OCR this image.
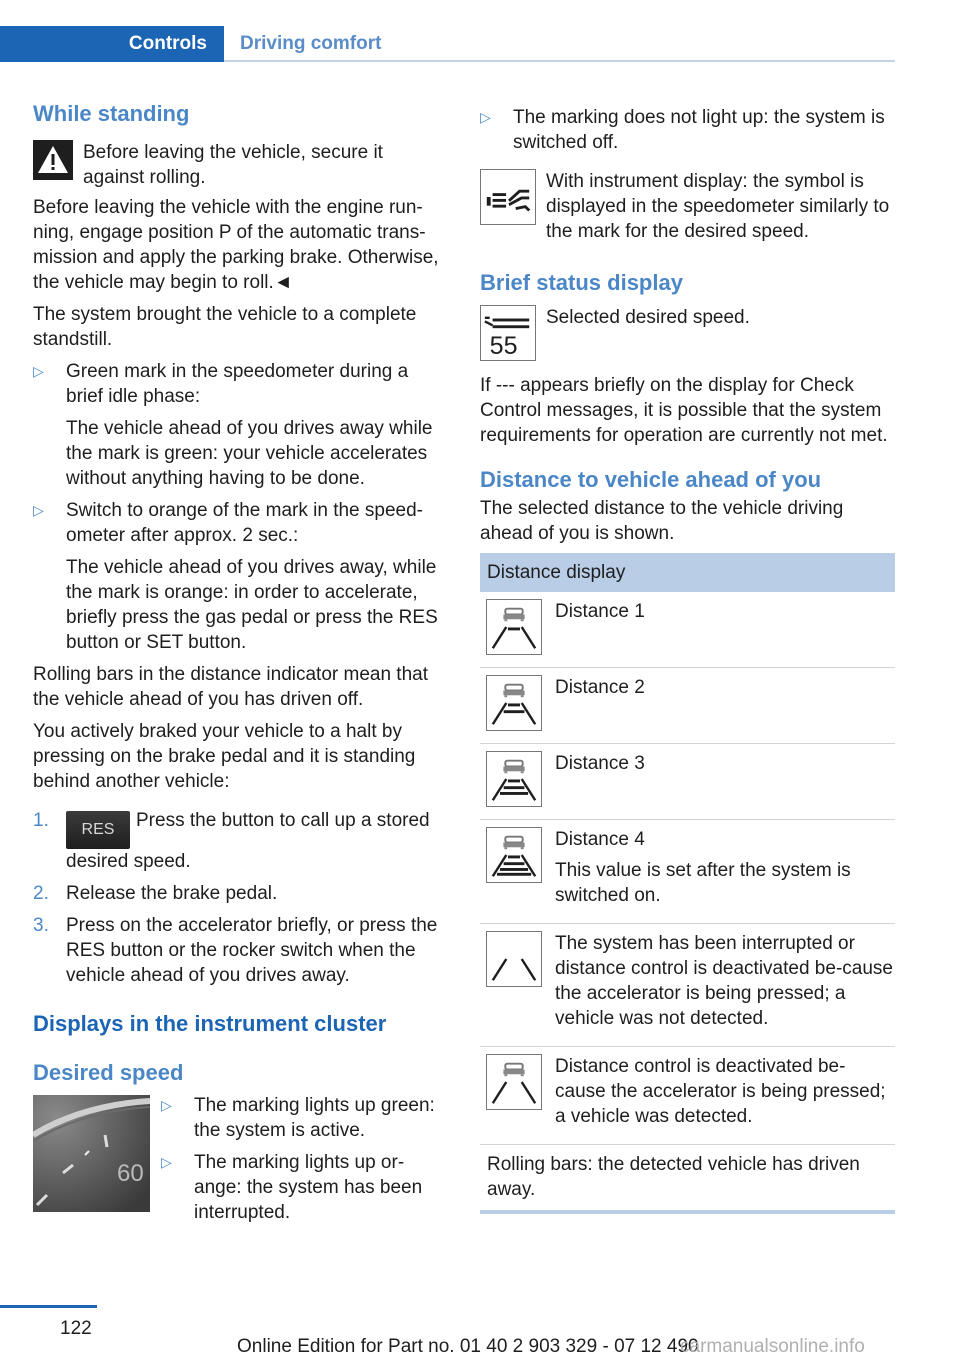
Controls	Driving comfort
While standing
Before leaving the vehicle, secure it against rolling.

Before leaving the vehicle with the engine run-ning, engage position P of the automatic trans-mission and apply the parking brake. Otherwise, the vehicle may begin to roll.◄

The system brought the vehicle to a complete standstill.

▷ Green mark in the speedometer during a brief idle phase:

The vehicle ahead of you drives away while the mark is green: your vehicle accelerates without anything having to be done.

▷ Switch to orange of the mark in the speed-ometer after approx. 2 sec.:

The vehicle ahead of you drives away, while the mark is orange: in order to accelerate, briefly press the gas pedal or press the RES button or SET button.

Rolling bars in the distance indicator mean that the vehicle ahead of you has driven off.

You actively braked your vehicle to a halt by pressing on the brake pedal and it is standing behind another vehicle:

1. RES Press the button to call up a stored desired speed.
2. Release the brake pedal.
3. Press on the accelerator briefly, or press the RES button or the rocker switch when the vehicle ahead of you drives away.
Displays in the instrument cluster
Desired speed
60
▷ The marking lights up green: the system is active.
▷ The marking lights up or-ange: the system has been interrupted.
▷ The marking does not light up: the system is switched off.
With instrument display: the symbol is displayed in the speedometer similarly to the mark for the desired speed.
Brief status display
55
Selected desired speed.

If --- appears briefly on the display for Check Control messages, it is possible that the system requirements for operation are currently not met.

Distance to vehicle ahead of you

The selected distance to the vehicle driving ahead of you is shown.

Distance display

Distance 1

Distance 2

Distance 3

Distance 4

This value is set after the system is switched on.

The system has been interrupted or distance control is deactivated be-cause the accelerator is being pressed; a vehicle was not detected.

Distance control is deactivated be-cause the accelerator is being pressed; a vehicle was detected.

Rolling bars: the detected vehicle has driven away.
122
Online Edition for Part no. 01 40 2 903 329 - 07 12 490
carmanualsonline.info
